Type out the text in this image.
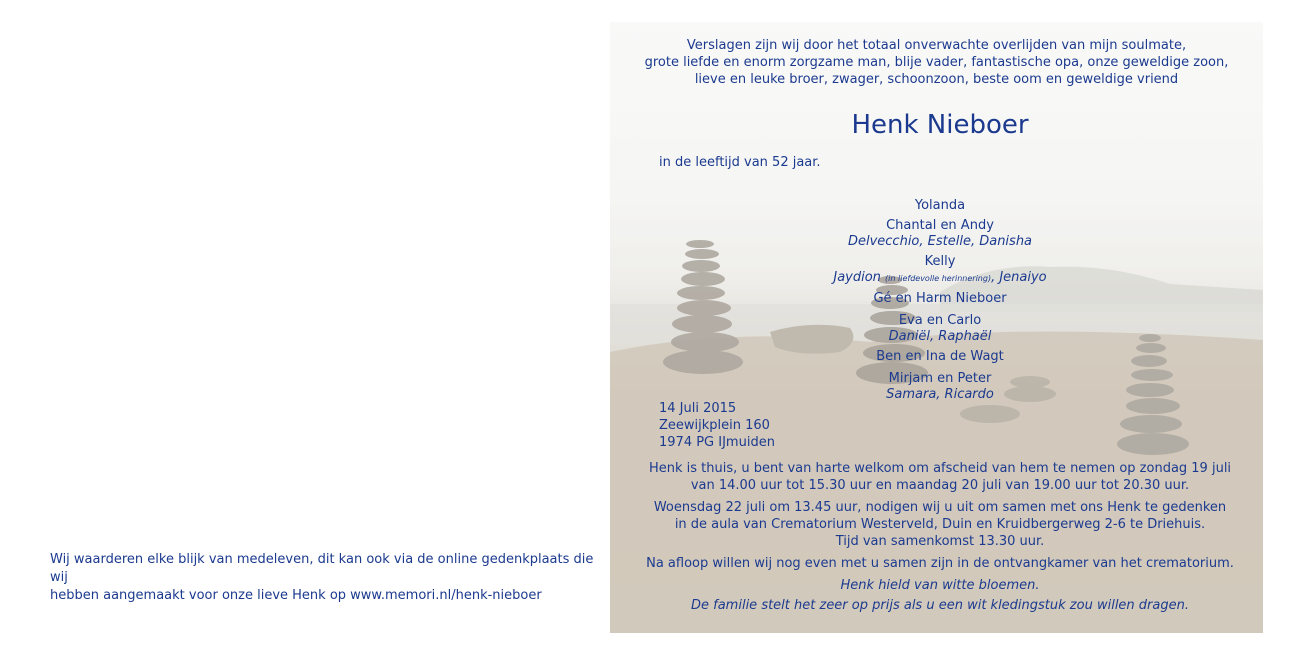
Wij waarderen elke blijk van medeleven, dit kan ook via de online gedenkplaats die wij
hebben aangemaakt voor onze lieve Henk op www.memori.nl/henk-nieboer
Verslagen zijn wij door het totaal onverwachte overlijden van mijn soulmate,
grote liefde en enorm zorgzame man, blije vader, fantastische opa, onze geweldige zoon,
lieve en leuke broer, zwager, schoonzoon, beste oom en geweldige vriend
Henk Nieboer
in de leeftijd van 52 jaar.
Yolanda
Chantal en Andy
Delvecchio, Estelle, Danisha
Kelly
Jaydion (in liefdevolle herinnering), Jenaiyo
Gé en Harm Nieboer
Eva en Carlo
Daniël, Raphaël
Ben en Ina de Wagt
Mirjam en Peter
Samara, Ricardo
14 Juli 2015
Zeewijkplein 160
1974 PG IJmuiden

Henk is thuis, u bent van harte welkom om afscheid van hem te nemen op zondag 19 juli
van 14.00 uur tot 15.30 uur en maandag 20 juli van 19.00 uur tot 20.30 uur.

Woensdag 22 juli om 13.45 uur, nodigen wij u uit om samen met ons Henk te gedenken
in de aula van Crematorium Westerveld, Duin en Kruidbergerweg 2-6 te Driehuis.
Tijd van samenkomst 13.30 uur.

Na afloop willen wij nog even met u samen zijn in de ontvangkamer van het crematorium.

Henk hield van witte bloemen.

De familie stelt het zeer op prijs als u een wit kledingstuk zou willen dragen.
